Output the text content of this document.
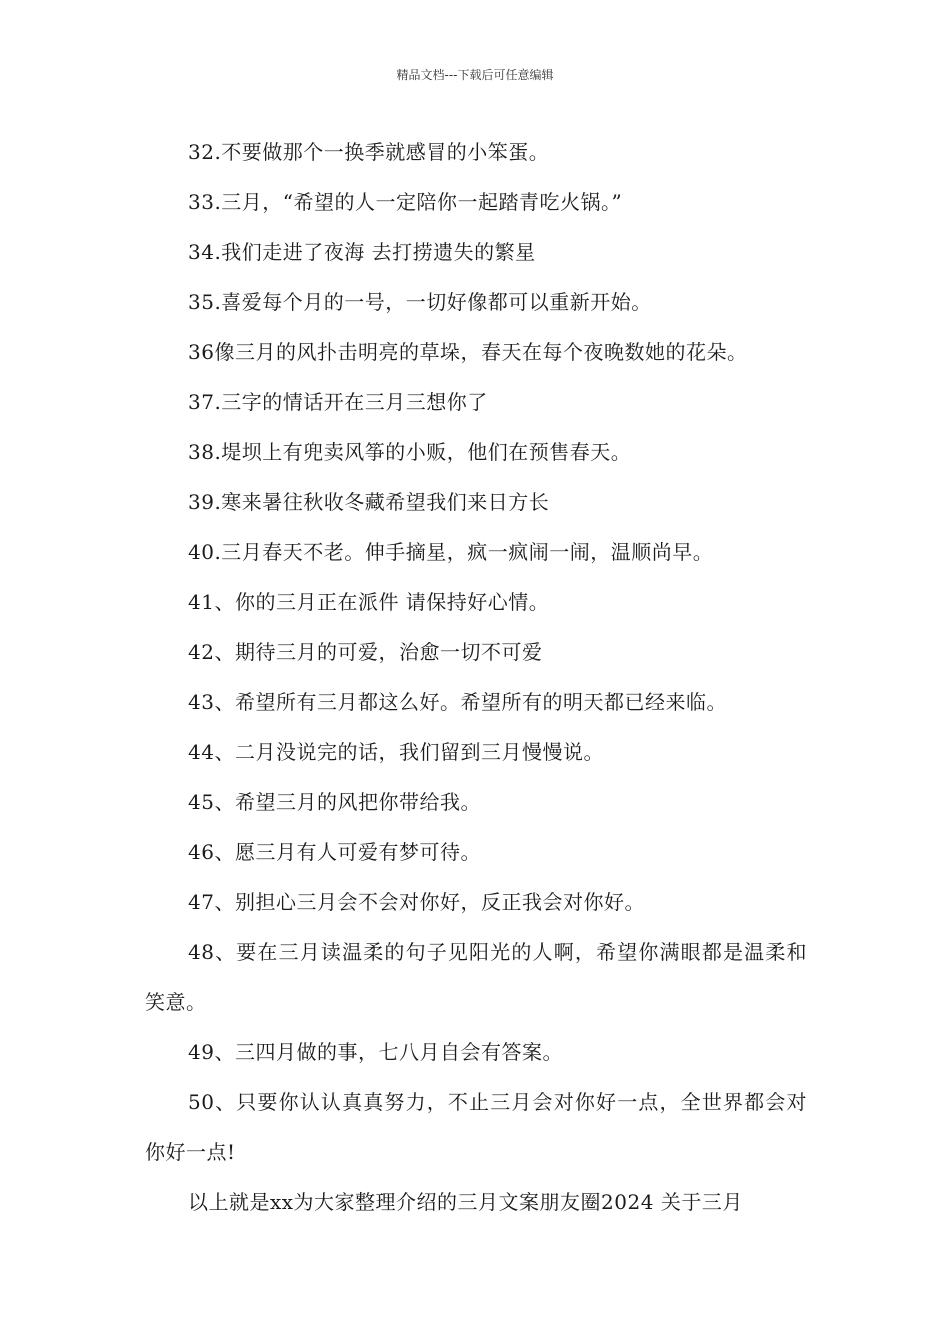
精品文档---下载后可任意编辑

32.不要做那个一换季就感冒的小笨蛋。

33.三月，“希望的人一定陪你一起踏青吃火锅。”

34.我们走进了夜海 去打捞遗失的繁星

35.喜爱每个月的一号，一切好像都可以重新开始。

36像三月的风扑击明亮的草垛，春天在每个夜晚数她的花朵。

37.三字的情话开在三月三想你了

38.堤坝上有兜卖风筝的小贩，他们在预售春天。

39.寒来暑往秋收冬藏希望我们来日方长

40.三月春天不老。伸手摘星，疯一疯闹一闹，温顺尚早。

41、你的三月正在派件 请保持好心情。

42、期待三月的可爱，治愈一切不可爱

43、希望所有三月都这么好。希望所有的明天都已经来临。

44、二月没说完的话，我们留到三月慢慢说。

45、希望三月的风把你带给我。

46、愿三月有人可爱有梦可待。

47、别担心三月会不会对你好，反正我会对你好。

48、要在三月读温柔的句子见阳光的人啊，希望你满眼都是温柔和笑意。

49、三四月做的事，七八月自会有答案。

50、只要你认认真真努力，不止三月会对你好一点，全世界都会对你好一点!

以上就是xx为大家整理介绍的三月文案朋友圈2024 关于三月
